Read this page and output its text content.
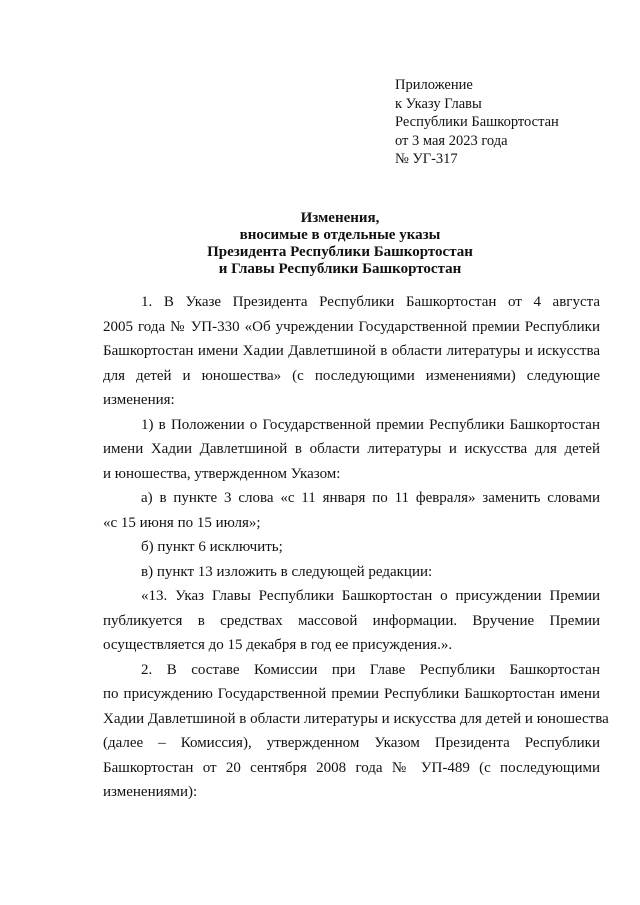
Приложение
к Указу Главы
Республики Башкортостан
от 3 мая 2023 года
№ УГ-317
Изменения,
вносимые в отдельные указы
Президента Республики Башкортостан
и Главы Республики Башкортостан
1. В Указе Президента Республики Башкортостан от 4 августа
2005 года № УП-330 «Об учреждении Государственной премии Республики
Башкортостан имени Хадии Давлетшиной в области литературы и искусства
для детей и юношества» (с последующими изменениями) следующие
изменения:
1) в Положении о Государственной премии Республики Башкортостан
имени Хадии Давлетшиной в области литературы и искусства для детей
и юношества, утвержденном Указом:
а) в пункте 3 слова «с 11 января по 11 февраля» заменить словами
«с 15 июня по 15 июля»;
б) пункт 6 исключить;
в) пункт 13 изложить в следующей редакции:
«13. Указ Главы Республики Башкортостан о присуждении Премии
публикуется в средствах массовой информации. Вручение Премии
осуществляется до 15 декабря в год ее присуждения.».
2. В составе Комиссии при Главе Республики Башкортостан
по присуждению Государственной премии Республики Башкортостан имени
Хадии Давлетшиной в области литературы и искусства для детей и юношества
(далее – Комиссия), утвержденном Указом Президента Республики
Башкортостан от 20 сентября 2008 года № УП-489 (с последующими
изменениями):
